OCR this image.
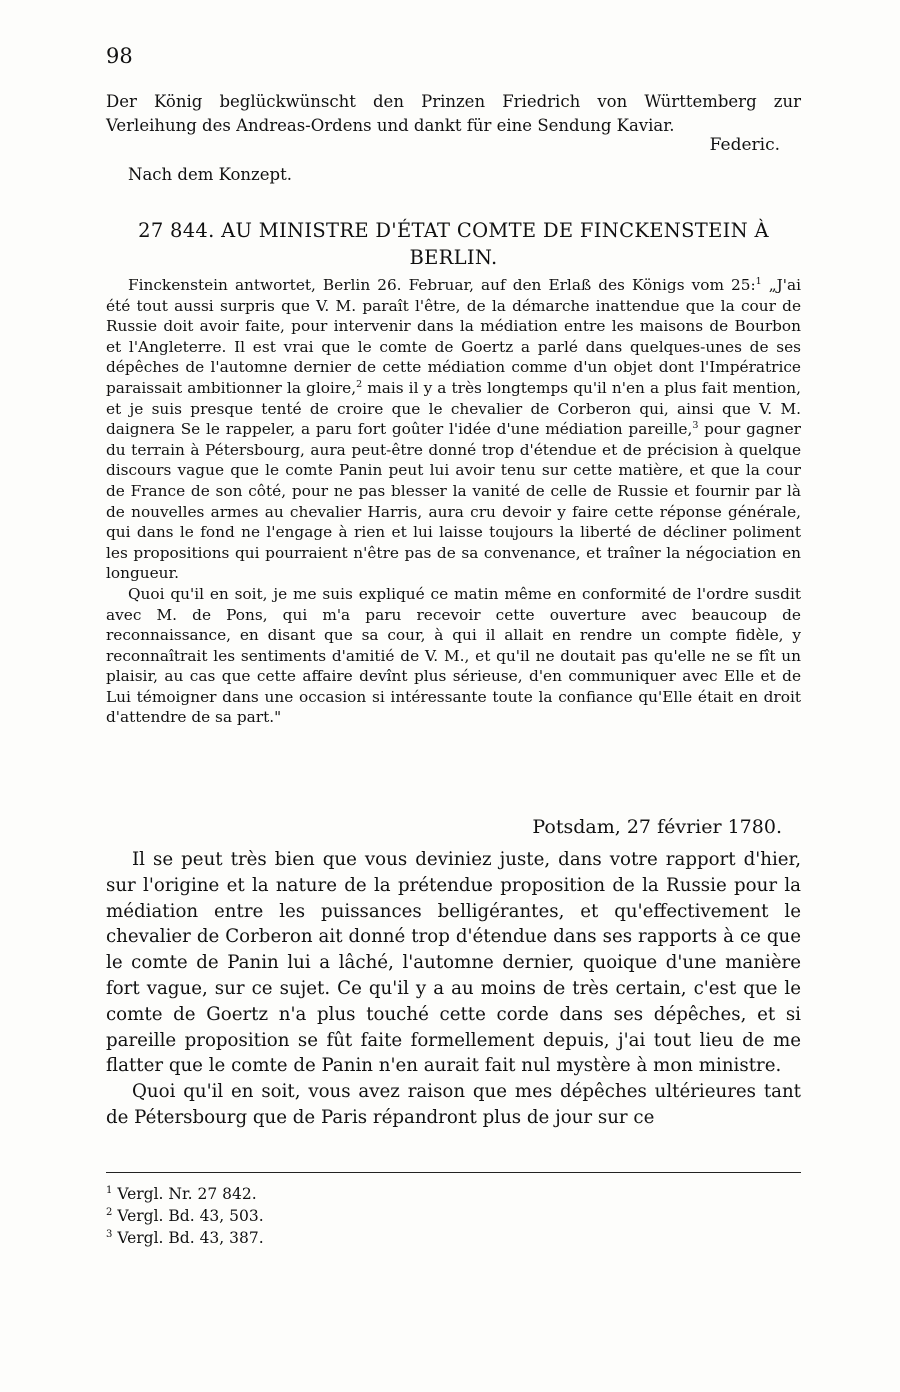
98
Der König beglückwünscht den Prinzen Friedrich von Württemberg zur Verleihung des Andreas-Ordens und dankt für eine Sendung Kaviar.
Federic.
Nach dem Konzept.
27 844. AU MINISTRE D'ÉTAT COMTE DE FINCKENSTEIN À BERLIN.

Finckenstein antwortet, Berlin 26. Februar, auf den Erlaß des Königs vom 25:$^1$ „J'ai été tout aussi surpris que V. M. paraît l'être, de la démarche inattendue que la cour de Russie doit avoir faite, pour intervenir dans la médiation entre les maisons de Bourbon et l'Angleterre. Il est vrai que le comte de Goertz a parlé dans quelques-unes de ses dépêches de l'automne dernier de cette médiation comme d'un objet dont l'Impératrice paraissait ambitionner la gloire,$^2$ mais il y a très longtemps qu'il n'en a plus fait mention, et je suis presque tenté de croire que le chevalier de Corberon qui, ainsi que V. M. daignera Se le rappeler, a paru fort goûter l'idée d'une médiation pareille,$^3$ pour gagner du terrain à Pétersbourg, aura peut-être donné trop d'étendue et de précision à quelque discours vague que le comte Panin peut lui avoir tenu sur cette matière, et que la cour de France de son côté, pour ne pas blesser la vanité de celle de Russie et fournir par là de nouvelles armes au chevalier Harris, aura cru devoir y faire cette réponse générale, qui dans le fond ne l'engage à rien et lui laisse toujours la liberté de décliner poliment les propositions qui pourraient n'être pas de sa convenance, et traîner la négociation en longueur.

Quoi qu'il en soit, je me suis expliqué ce matin même en conformité de l'ordre susdit avec M. de Pons, qui m'a paru recevoir cette ouverture avec beaucoup de reconnaissance, en disant que sa cour, à qui il allait en rendre un compte fidèle, y reconnaîtrait les sentiments d'amitié de V. M., et qu'il ne doutait pas qu'elle ne se fît un plaisir, au cas que cette affaire devînt plus sérieuse, d'en communiquer avec Elle et de Lui témoigner dans une occasion si intéressante toute la confiance qu'Elle était en droit d'attendre de sa part."

Potsdam, 27 février 1780.

Il se peut très bien que vous deviniez juste, dans votre rapport d'hier, sur l'origine et la nature de la prétendue proposition de la Russie pour la médiation entre les puissances belligérantes, et qu'effectivement le chevalier de Corberon ait donné trop d'étendue dans ses rapports à ce que le comte de Panin lui a lâché, l'automne dernier, quoique d'une manière fort vague, sur ce sujet. Ce qu'il y a au moins de très certain, c'est que le comte de Goertz n'a plus touché cette corde dans ses dépêches, et si pareille proposition se fût faite formellement depuis, j'ai tout lieu de me flatter que le comte de Panin n'en aurait fait nul mystère à mon ministre.

Quoi qu'il en soit, vous avez raison que mes dépêches ultérieures tant de Pétersbourg que de Paris répandront plus de jour sur ce

$^1$ Vergl. Nr. 27 842.
$^2$ Vergl. Bd. 43, 503.
$^3$ Vergl. Bd. 43, 387.
